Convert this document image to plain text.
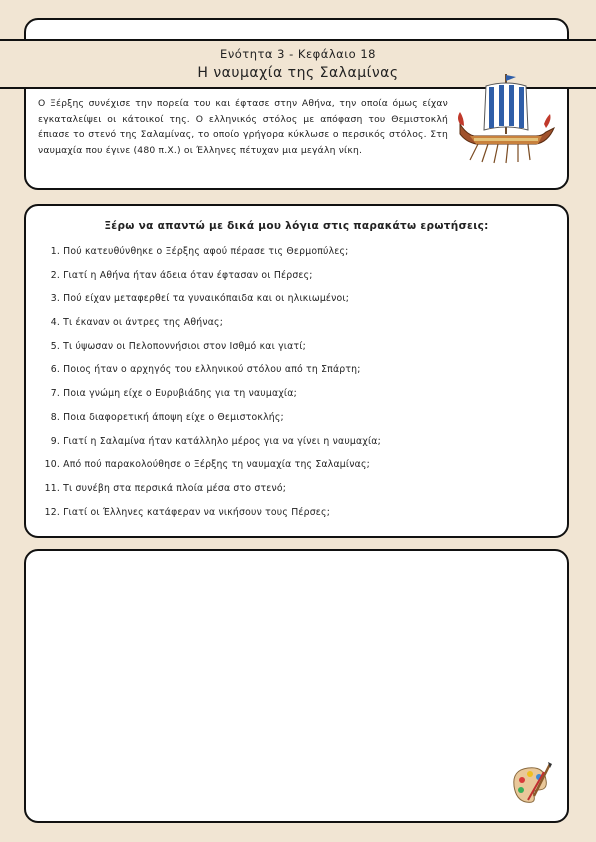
Ενότητα 3 - Κεφάλαιο 18
Η ναυμαχία της Σαλαμίνας

Ο Ξέρξης συνέχισε την πορεία του και έφτασε στην Αθήνα, την οποία όμως είχαν εγκαταλείψει οι κάτοικοί της. Ο ελληνικός στόλος με απόφαση του Θεμιστοκλή έπιασε το στενό της Σαλαμίνας, το οποίο γρήγορα κύκλωσε ο περσικός στόλος. Στη ναυμαχία που έγινε (480 π.Χ.) οι Έλληνες πέτυχαν μια μεγάλη νίκη.

Ξέρω να απαντώ με δικά μου λόγια στις παρακάτω ερωτήσεις:
1. Πού κατευθύνθηκε ο Ξέρξης αφού πέρασε τις Θερμοπύλες;
2. Γιατί η Αθήνα ήταν άδεια όταν έφτασαν οι Πέρσες;
3. Πού είχαν μεταφερθεί τα γυναικόπαιδα και οι ηλικιωμένοι;
4. Τι έκαναν οι άντρες της Αθήνας;
5. Τι ύψωσαν οι Πελοποννήσιοι στον Ισθμό και γιατί;
6. Ποιος ήταν ο αρχηγός του ελληνικού στόλου από τη Σπάρτη;
7. Ποια γνώμη είχε ο Ευρυβιάδης για τη ναυμαχία;
8. Ποια διαφορετική άποψη είχε ο Θεμιστοκλής;
9. Γιατί η Σαλαμίνα ήταν κατάλληλο μέρος για να γίνει η ναυμαχία;
10. Από πού παρακολούθησε ο Ξέρξης τη ναυμαχία της Σαλαμίνας;
11. Τι συνέβη στα περσικά πλοία μέσα στο στενό;
12. Γιατί οι Έλληνες κατάφεραν να νικήσουν τους Πέρσες;
